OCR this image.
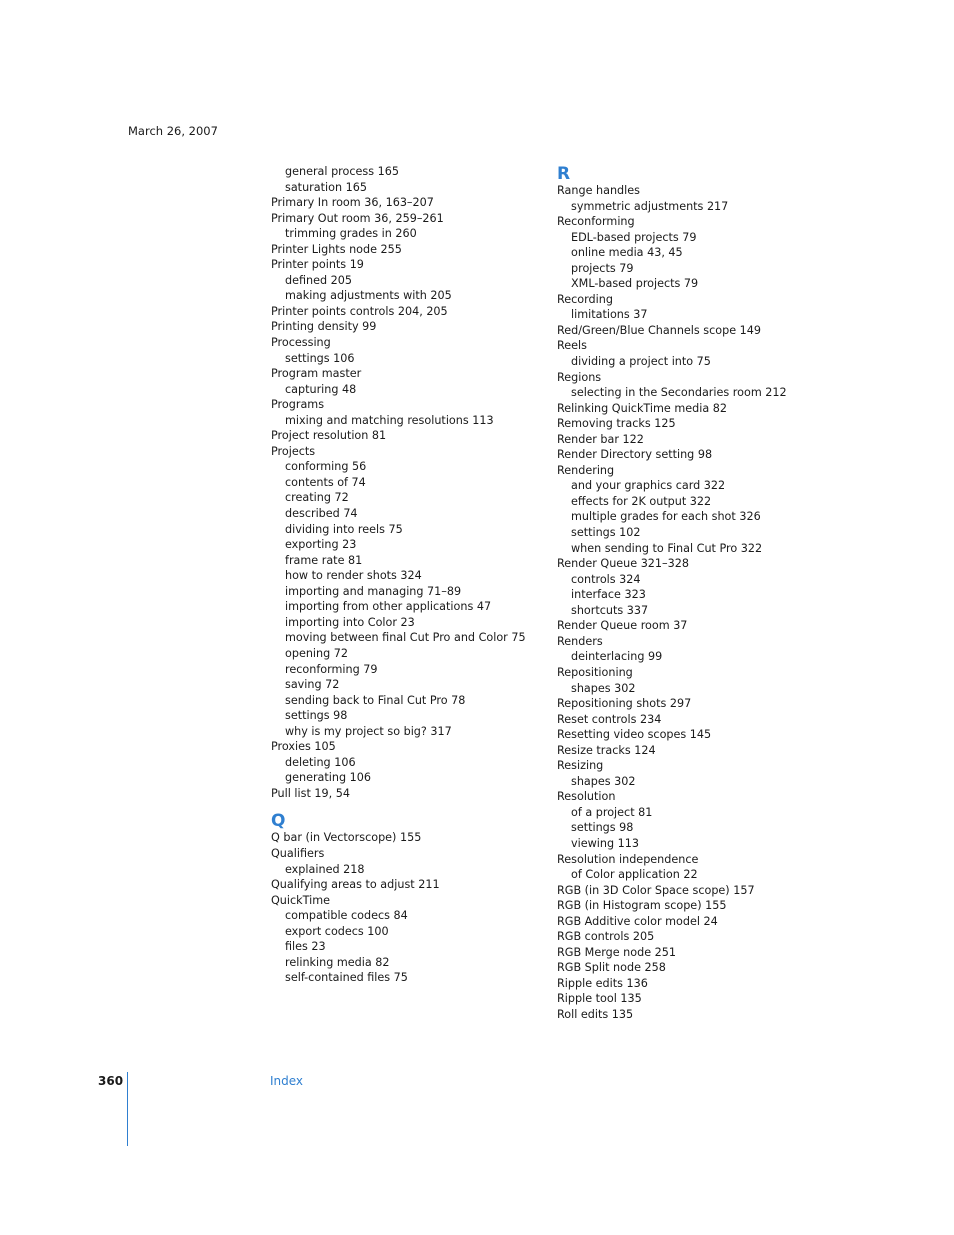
March 26, 2007
general process 165
saturation 165
Primary In room 36, 163–207
Primary Out room 36, 259–261
trimming grades in 260
Printer Lights node 255
Printer points 19
defined 205
making adjustments with 205
Printer points controls 204, 205
Printing density 99
Processing
settings 106
Program master
capturing 48
Programs
mixing and matching resolutions 113
Project resolution 81
Projects
conforming 56
contents of 74
creating 72
described 74
dividing into reels 75
exporting 23
frame rate 81
how to render shots 324
importing and managing 71–89
importing from other applications 47
importing into Color 23
moving between final Cut Pro and Color 75
opening 72
reconforming 79
saving 72
sending back to Final Cut Pro 78
settings 98
why is my project so big? 317
Proxies 105
deleting 106
generating 106
Pull list 19, 54
Q
Q bar (in Vectorscope) 155
Qualifiers
explained 218
Qualifying areas to adjust 211
QuickTime
compatible codecs 84
export codecs 100
files 23
relinking media 82
self-contained files 75
R
Range handles
symmetric adjustments 217
Reconforming
EDL-based projects 79
online media 43, 45
projects 79
XML-based projects 79
Recording
limitations 37
Red/Green/Blue Channels scope 149
Reels
dividing a project into 75
Regions
selecting in the Secondaries room 212
Relinking QuickTime media 82
Removing tracks 125
Render bar 122
Render Directory setting 98
Rendering
and your graphics card 322
effects for 2K output 322
multiple grades for each shot 326
settings 102
when sending to Final Cut Pro 322
Render Queue 321–328
controls 324
interface 323
shortcuts 337
Render Queue room 37
Renders
deinterlacing 99
Repositioning
shapes 302
Repositioning shots 297
Reset controls 234
Resetting video scopes 145
Resize tracks 124
Resizing
shapes 302
Resolution
of a project 81
settings 98
viewing 113
Resolution independence
of Color application 22
RGB (in 3D Color Space scope) 157
RGB (in Histogram scope) 155
RGB Additive color model 24
RGB controls 205
RGB Merge node 251
RGB Split node 258
Ripple edits 136
Ripple tool 135
Roll edits 135
360	Index
